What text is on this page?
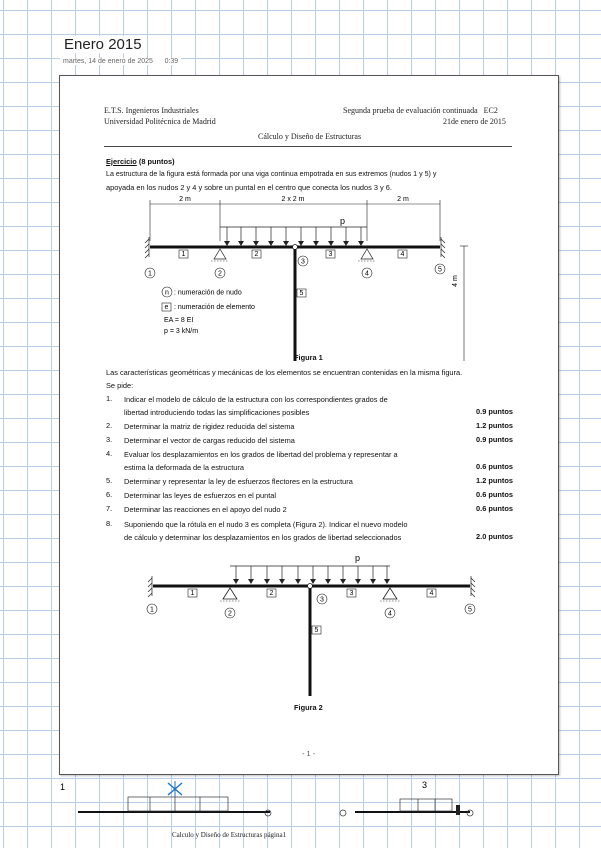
Enero 2015
martes, 14 de enero de 2025 0:39
E.T.S. Ingenieros Industriales
Universidad Politécnica de Madrid
Segunda prueba de evaluación continuada EC2
21de enero de 2015
Cálculo y Diseño de Estructuras
Ejercicio (8 puntos)
La estructura de la figura está formada por una viga continua empotrada en sus extremos (nudos 1 y 5) y
apoyada en los nudos 2 y 4 y sobre un puntal en el centro que conecta los nudos 3 y 6.
2 m	2 x 2 m	2 m
4 m
p
1	2
3
4
5
1	2	3	4
5
n : numeración de nudo
e : numeración de elemento
EA = 8 EI
p = 3 kN/m
Figura 1
Las características geométricas y mecánicas de los elementos se encuentran contenidas en la misma figura.
Se pide:
1. Indicar el modelo de cálculo de la estructura con los correspondientes grados de
libertad introduciendo todas las simplificaciones posibles	0.9 puntos
2. Determinar la matriz de rigidez reducida del sistema	1.2 puntos
3. Determinar el vector de cargas reducido del sistema	0.9 puntos
4. Evaluar los desplazamientos en los grados de libertad del problema y representar a
estima la deformada de la estructura	0.6 puntos
5. Determinar y representar la ley de esfuerzos flectores en la estructura	1.2 puntos
6. Determinar las leyes de esfuerzos en el puntal	0.6 puntos
7. Determinar las reacciones en el apoyo del nudo 2	0.6 puntos
8. Suponiendo que la rótula en el nudo 3 es completa (Figura 2). Indicar el nuevo modelo
de cálculo y determinar los desplazamientos en los grados de libertad seleccionados	2.0 puntos
p
1
2
3
4
5
1	2	3	4
5
Figura 2
- 1 -
1	3
Calculo y Diseño de Estructuras página1
